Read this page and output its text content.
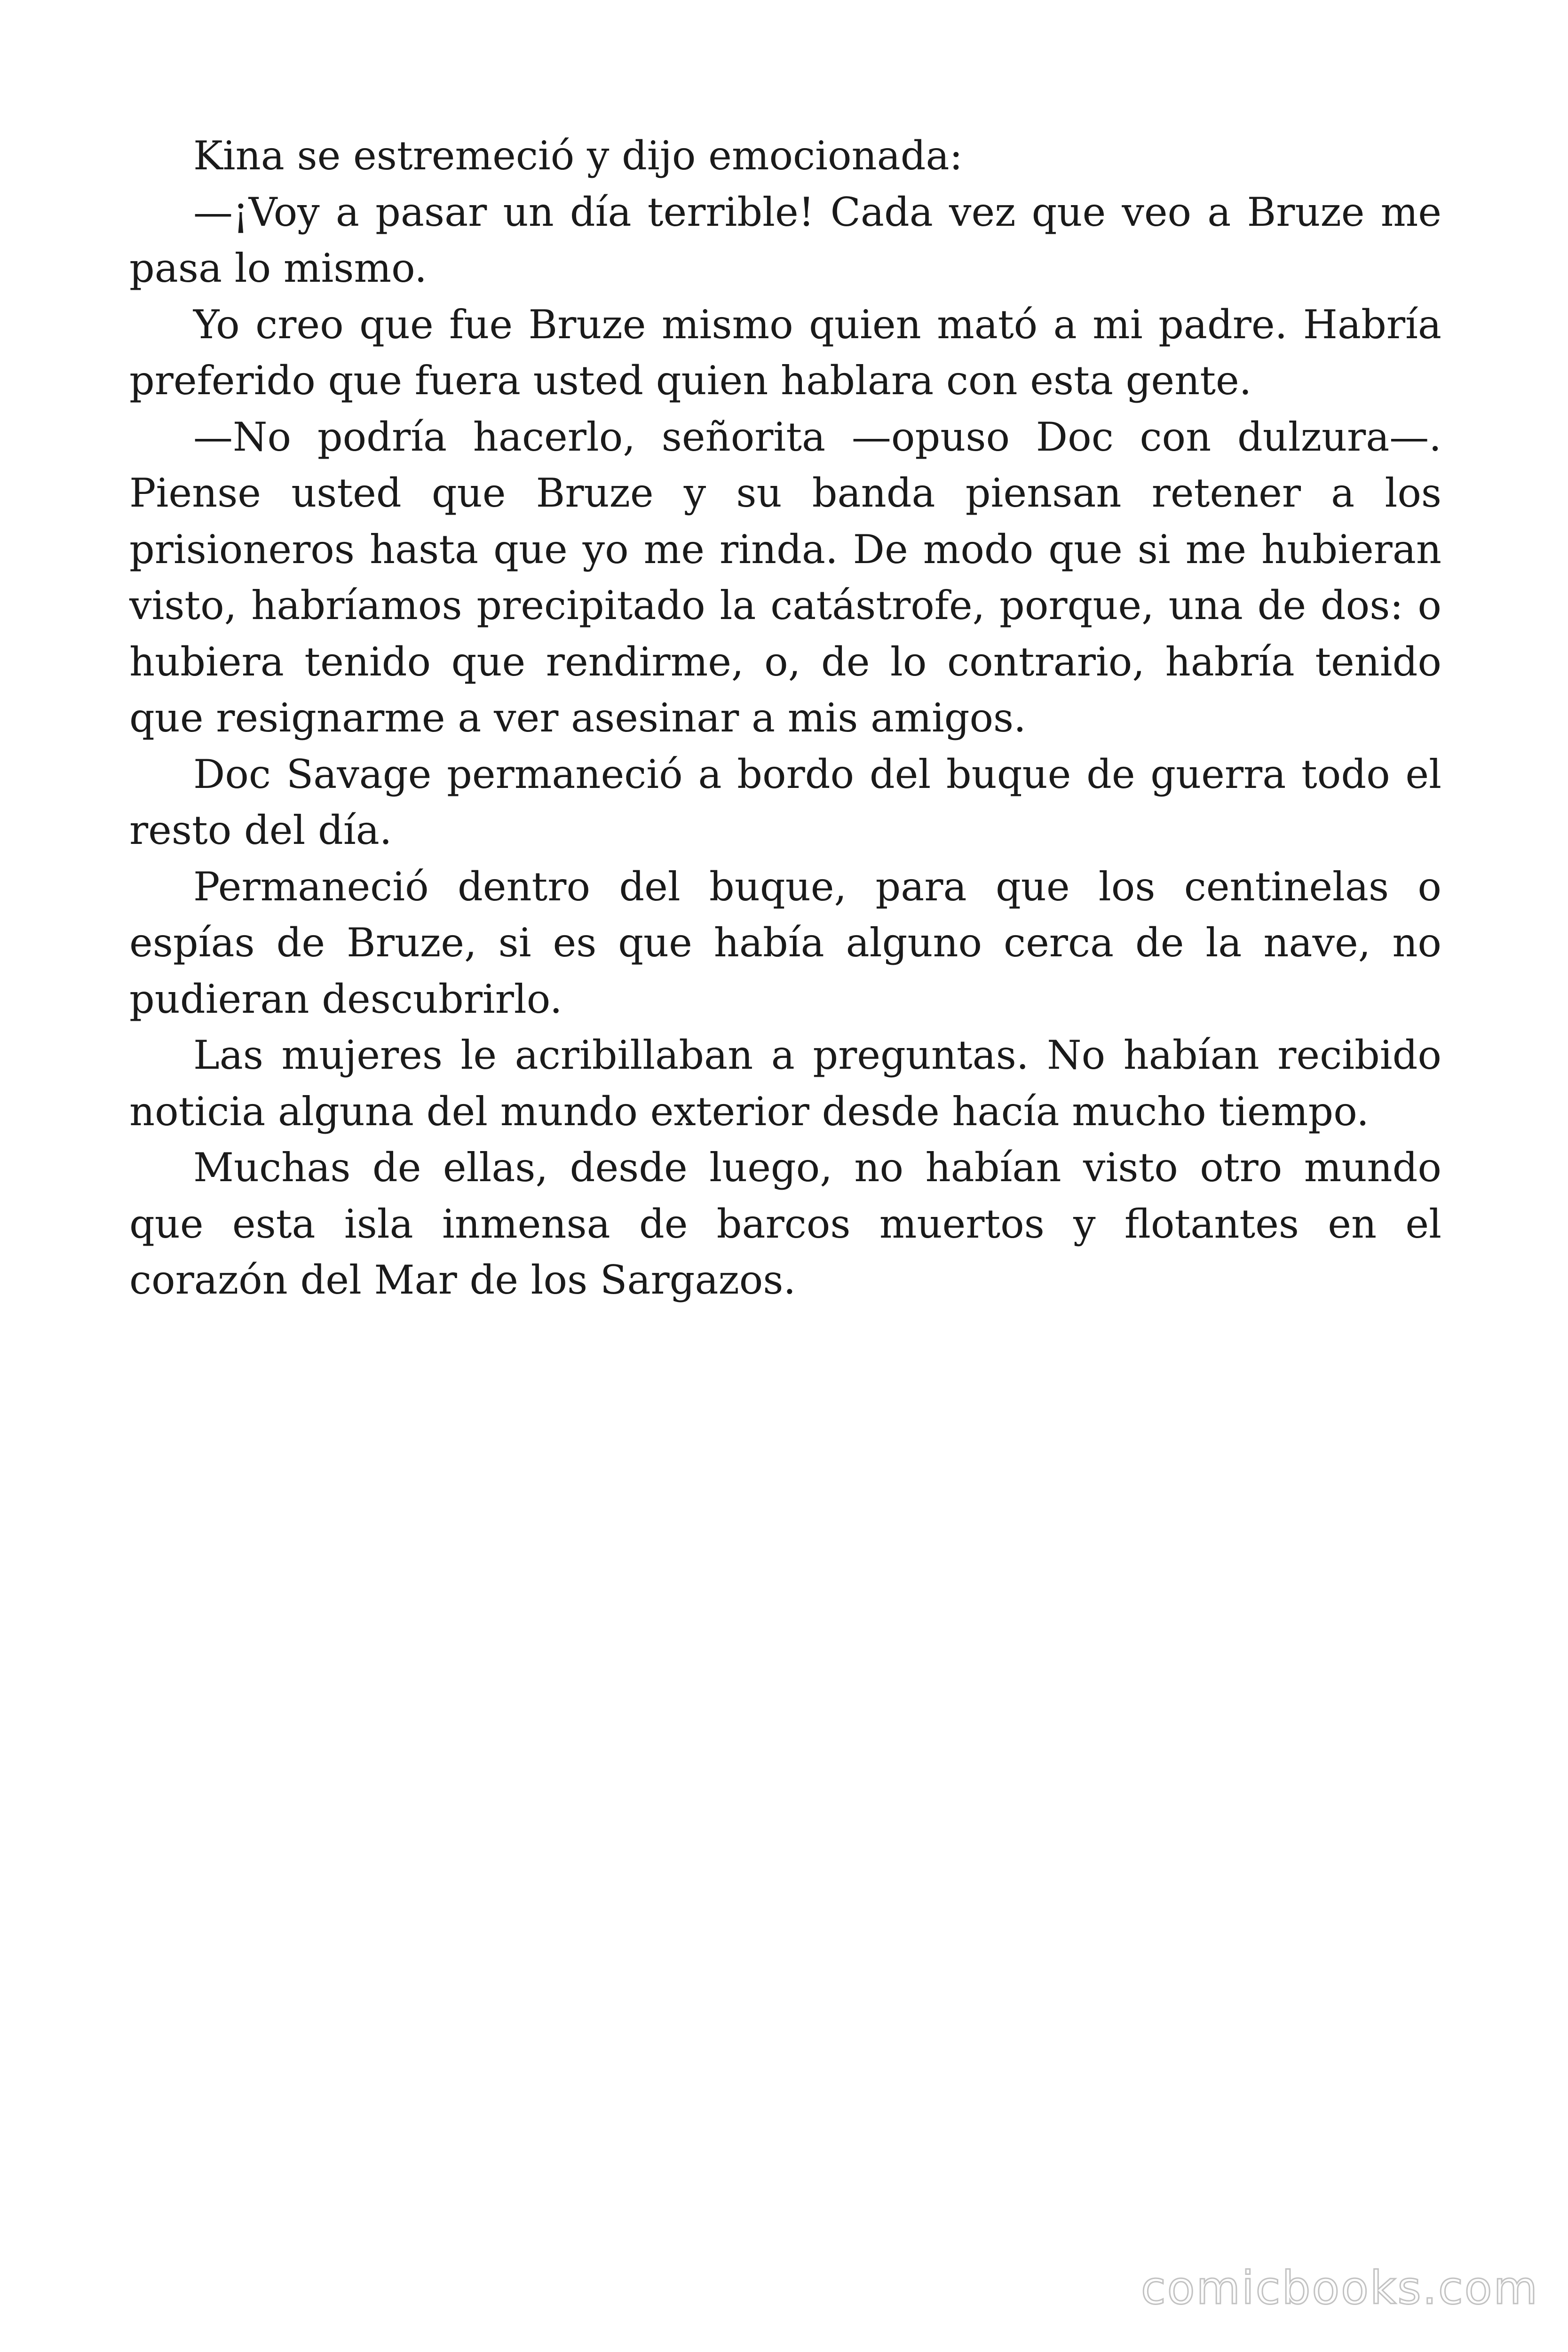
Kina se estremeció y dijo emocionada:

—¡Voy a pasar un día terrible! Cada vez que veo a Bruze me pasa lo mismo.

Yo creo que fue Bruze mismo quien mató a mi padre. Habría preferido que fuera usted quien hablara con esta gente.

—No podría hacerlo, señorita —opuso Doc con dulzura—. Piense usted que Bruze y su banda piensan retener a los prisioneros hasta que yo me rinda. De modo que si me hubieran visto, habríamos precipitado la catástrofe, porque, una de dos: o hubiera tenido que rendirme, o, de lo contrario, habría tenido que resignarme a ver asesinar a mis amigos.

Doc Savage permaneció a bordo del buque de guerra todo el resto del día.

Permaneció dentro del buque, para que los centinelas o espías de Bruze, si es que había alguno cerca de la nave, no pudieran descubrirlo.

Las mujeres le acribillaban a preguntas. No habían recibido noticia alguna del mundo exterior desde hacía mucho tiempo.

Muchas de ellas, desde luego, no habían visto otro mundo que esta isla inmensa de barcos muertos y flotantes en el corazón del Mar de los Sargazos.

comicbooks.com
